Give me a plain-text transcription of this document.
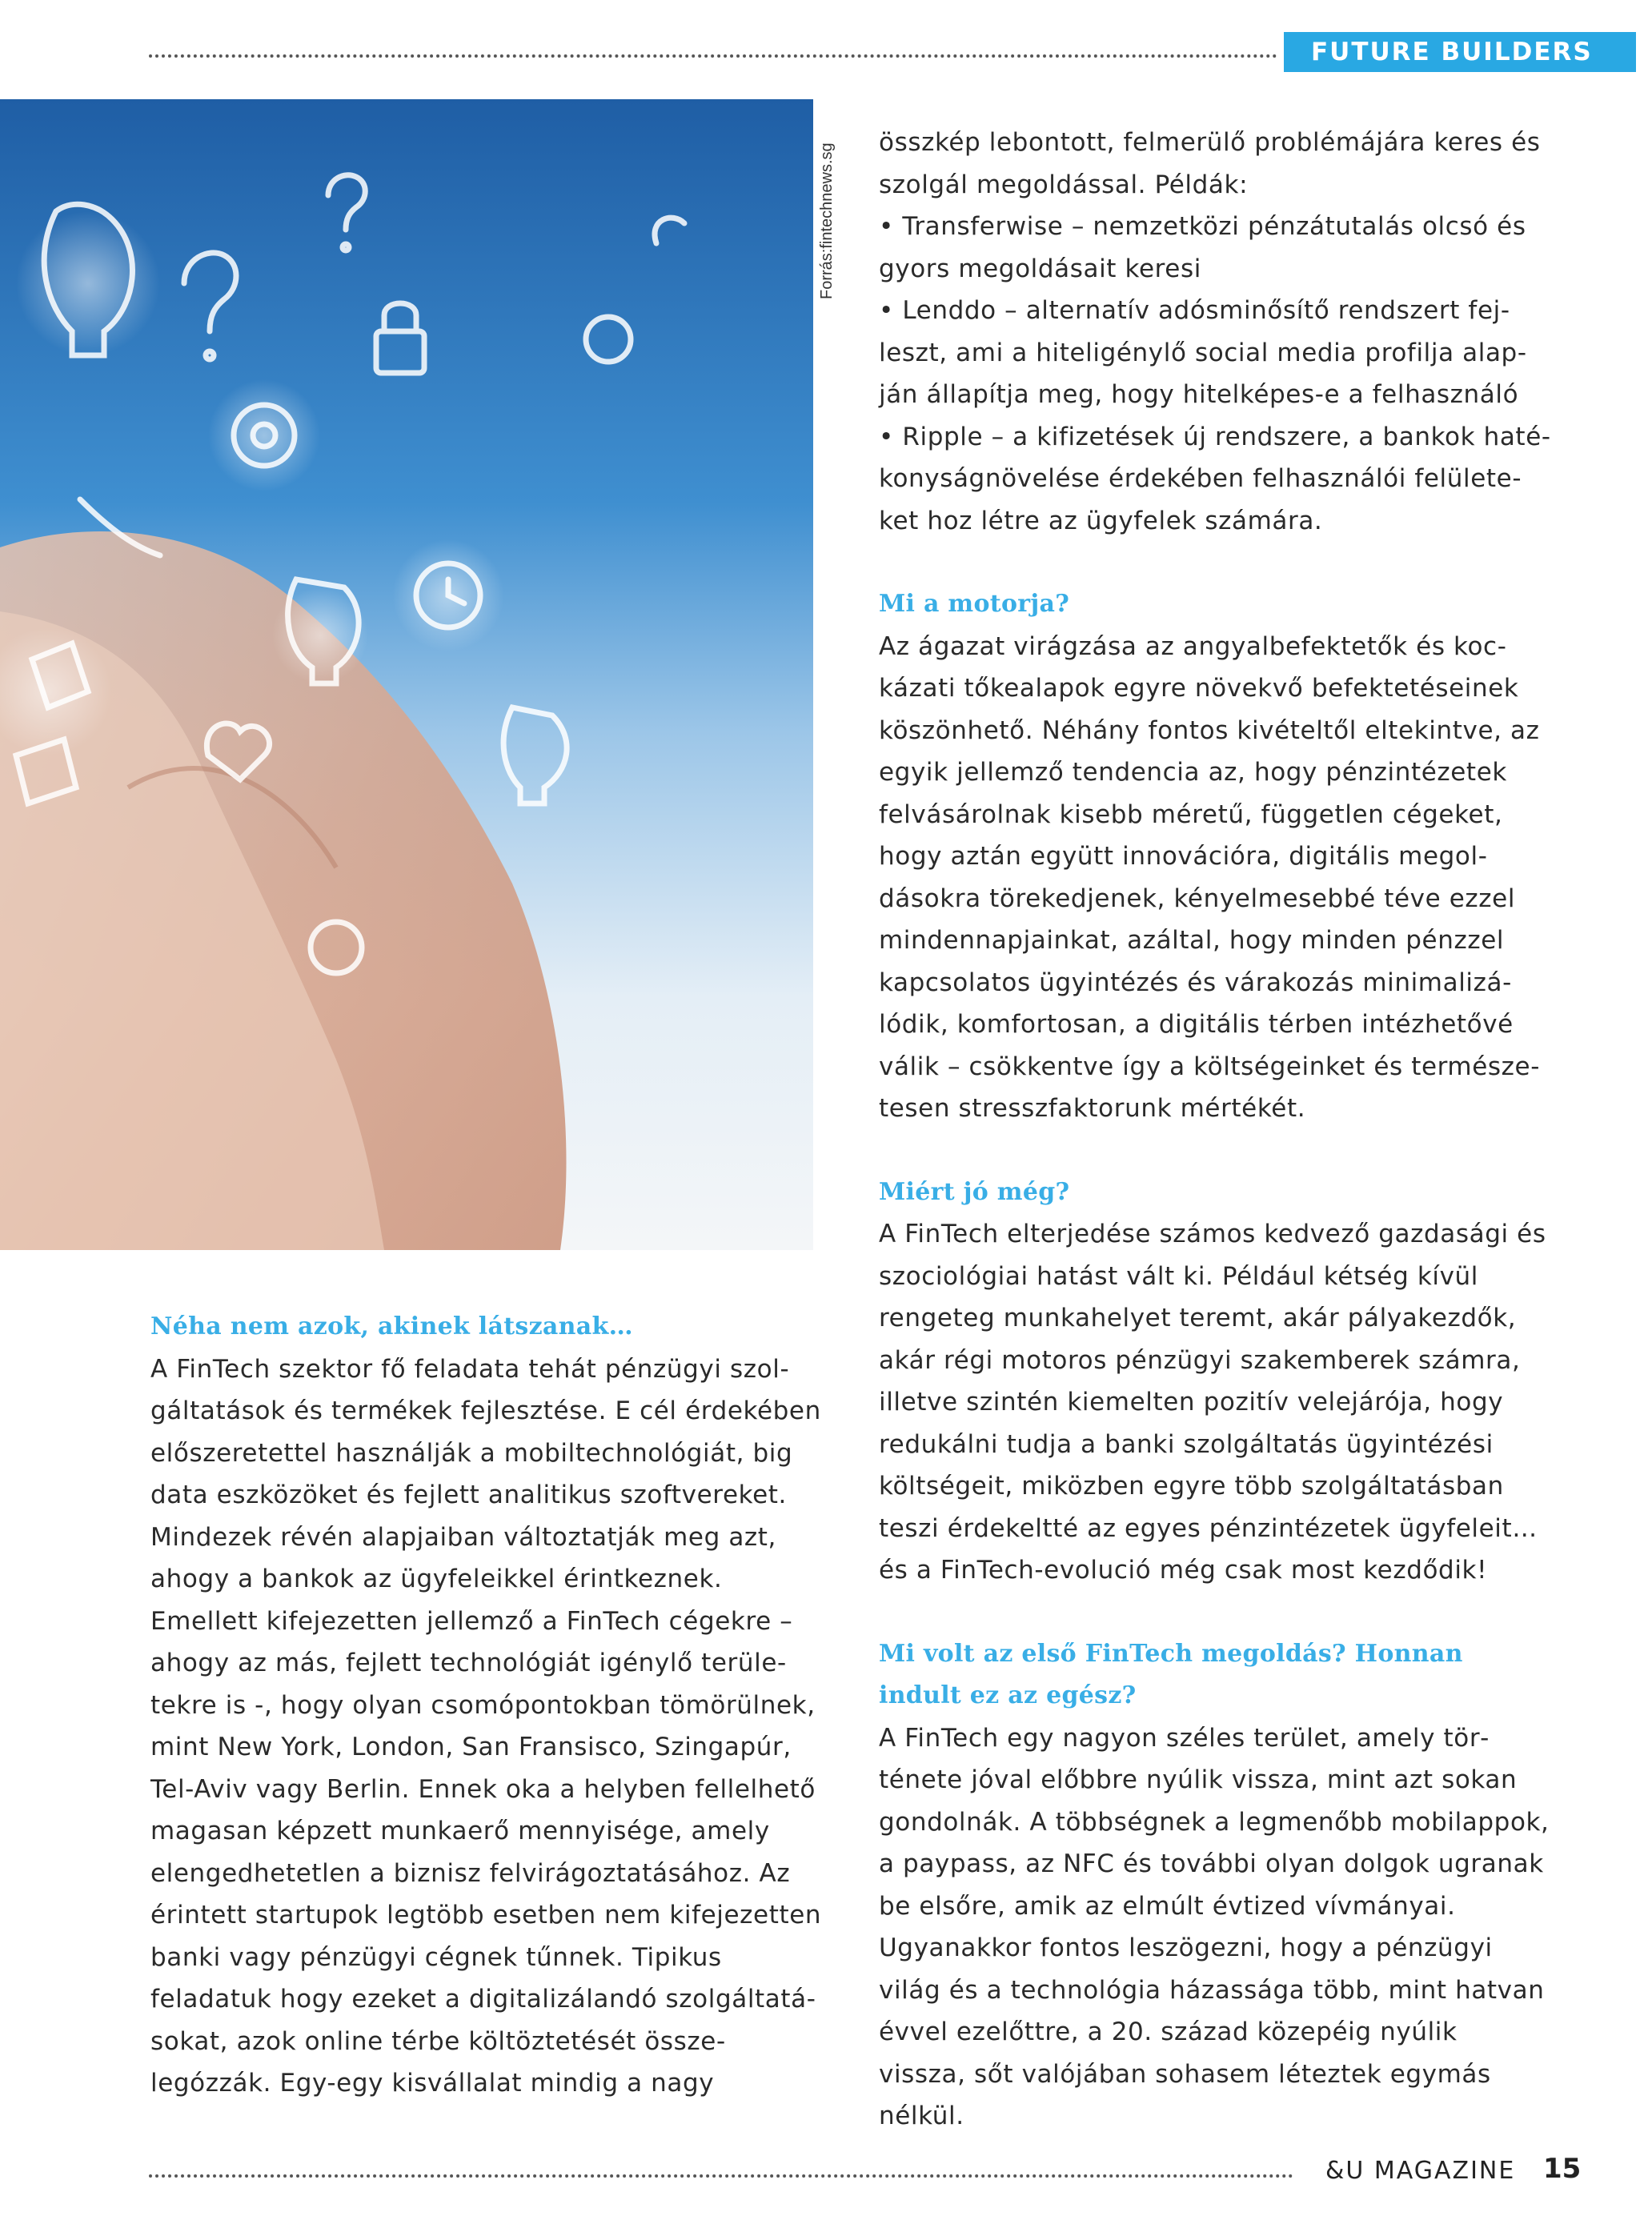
FUTURE BUILDERS
Forrás:fintechnews.sg

összkép lebontott, felmerülő problémájára keres és szolgál megoldással. Példák:

• Transferwise – nemzetközi pénzátutalás olcsó és gyors megoldásait keresi

• Lenddo – alternatív adósminősítő rendszert fejleszt, ami a hiteligénylő social media profilja alapján állapítja meg, hogy hitelképes-e a felhasználó

• Ripple – a kifizetések új rendszere, a bankok hatékonyságnövelése érdekében felhasználói felületeket hoz létre az ügyfelek számára.

Mi a motorja?

Az ágazat virágzása az angyalbefektetők és kockázati tőkealapok egyre növekvő befektetéseinek köszönhető. Néhány fontos kivételtől eltekintve, az egyik jellemző tendencia az, hogy pénzintézetek felvásárolnak kisebb méretű, független cégeket, hogy aztán együtt innovációra, digitális megoldásokra törekedjenek, kényelmesebbé téve ezzel mindennapjainkat, azáltal, hogy minden pénzzel kapcsolatos ügyintézés és várakozás minimalizálódik, komfortosan, a digitális térben intézhetővé válik – csökkentve így a költségeinket és természetesen stresszfaktorunk mértékét.

Miért jó még?

A FinTech elterjedése számos kedvező gazdasági és szociológiai hatást vált ki. Például kétség kívül rengeteg munkahelyet teremt, akár pályakezdők, akár régi motoros pénzügyi szakemberek számra, illetve szintén kiemelten pozitív velejárója, hogy redukálni tudja a banki szolgáltatás ügyintézési költségeit, miközben egyre több szolgáltatásban teszi érdekeltté az egyes pénzintézetek ügyfeleit… és a FinTech-evolució még csak most kezdődik!

Mi volt az első FinTech megoldás? Honnan indult ez az egész?

A FinTech egy nagyon széles terület, amely története jóval előbbre nyúlik vissza, mint azt sokan gondolnák. A többségnek a legmenőbb mobilappok, a paypass, az NFC és további olyan dolgok ugranak be elsőre, amik az elmúlt évtized vívmányai. Ugyanakkor fontos leszögezni, hogy a pénzügyi világ és a technológia házassága több, mint hatvan évvel ezelőttre, a 20. század közepéig nyúlik vissza, sőt valójában sohasem léteztek egymás nélkül.

Néha nem azok, akinek látszanak…

A FinTech szektor fő feladata tehát pénzügyi szolgáltatások és termékek fejlesztése. E cél érdekében előszeretettel használják a mobiltechnológiát, big data eszközöket és fejlett analitikus szoftvereket. Mindezek révén alapjaiban változtatják meg azt, ahogy a bankok az ügyfeleikkel érintkeznek. Emellett kifejezetten jellemző a FinTech cégekre – ahogy az más, fejlett technológiát igénylő területekre is -, hogy olyan csomópontokban tömörülnek, mint New York, London, San Fransisco, Szingapúr, Tel-Aviv vagy Berlin. Ennek oka a helyben fellelhető magasan képzett munkaerő mennyisége, amely elengedhetetlen a biznisz felvirágoztatásához. Az érintett startupok legtöbb esetben nem kifejezetten banki vagy pénzügyi cégnek tűnnek. Tipikus feladatuk hogy ezeket a digitalizálandó szolgáltatásokat, azok online térbe költöztetését összelegózzák. Egy-egy kisvállalat mindig a nagy

&U MAGAZINE 15
